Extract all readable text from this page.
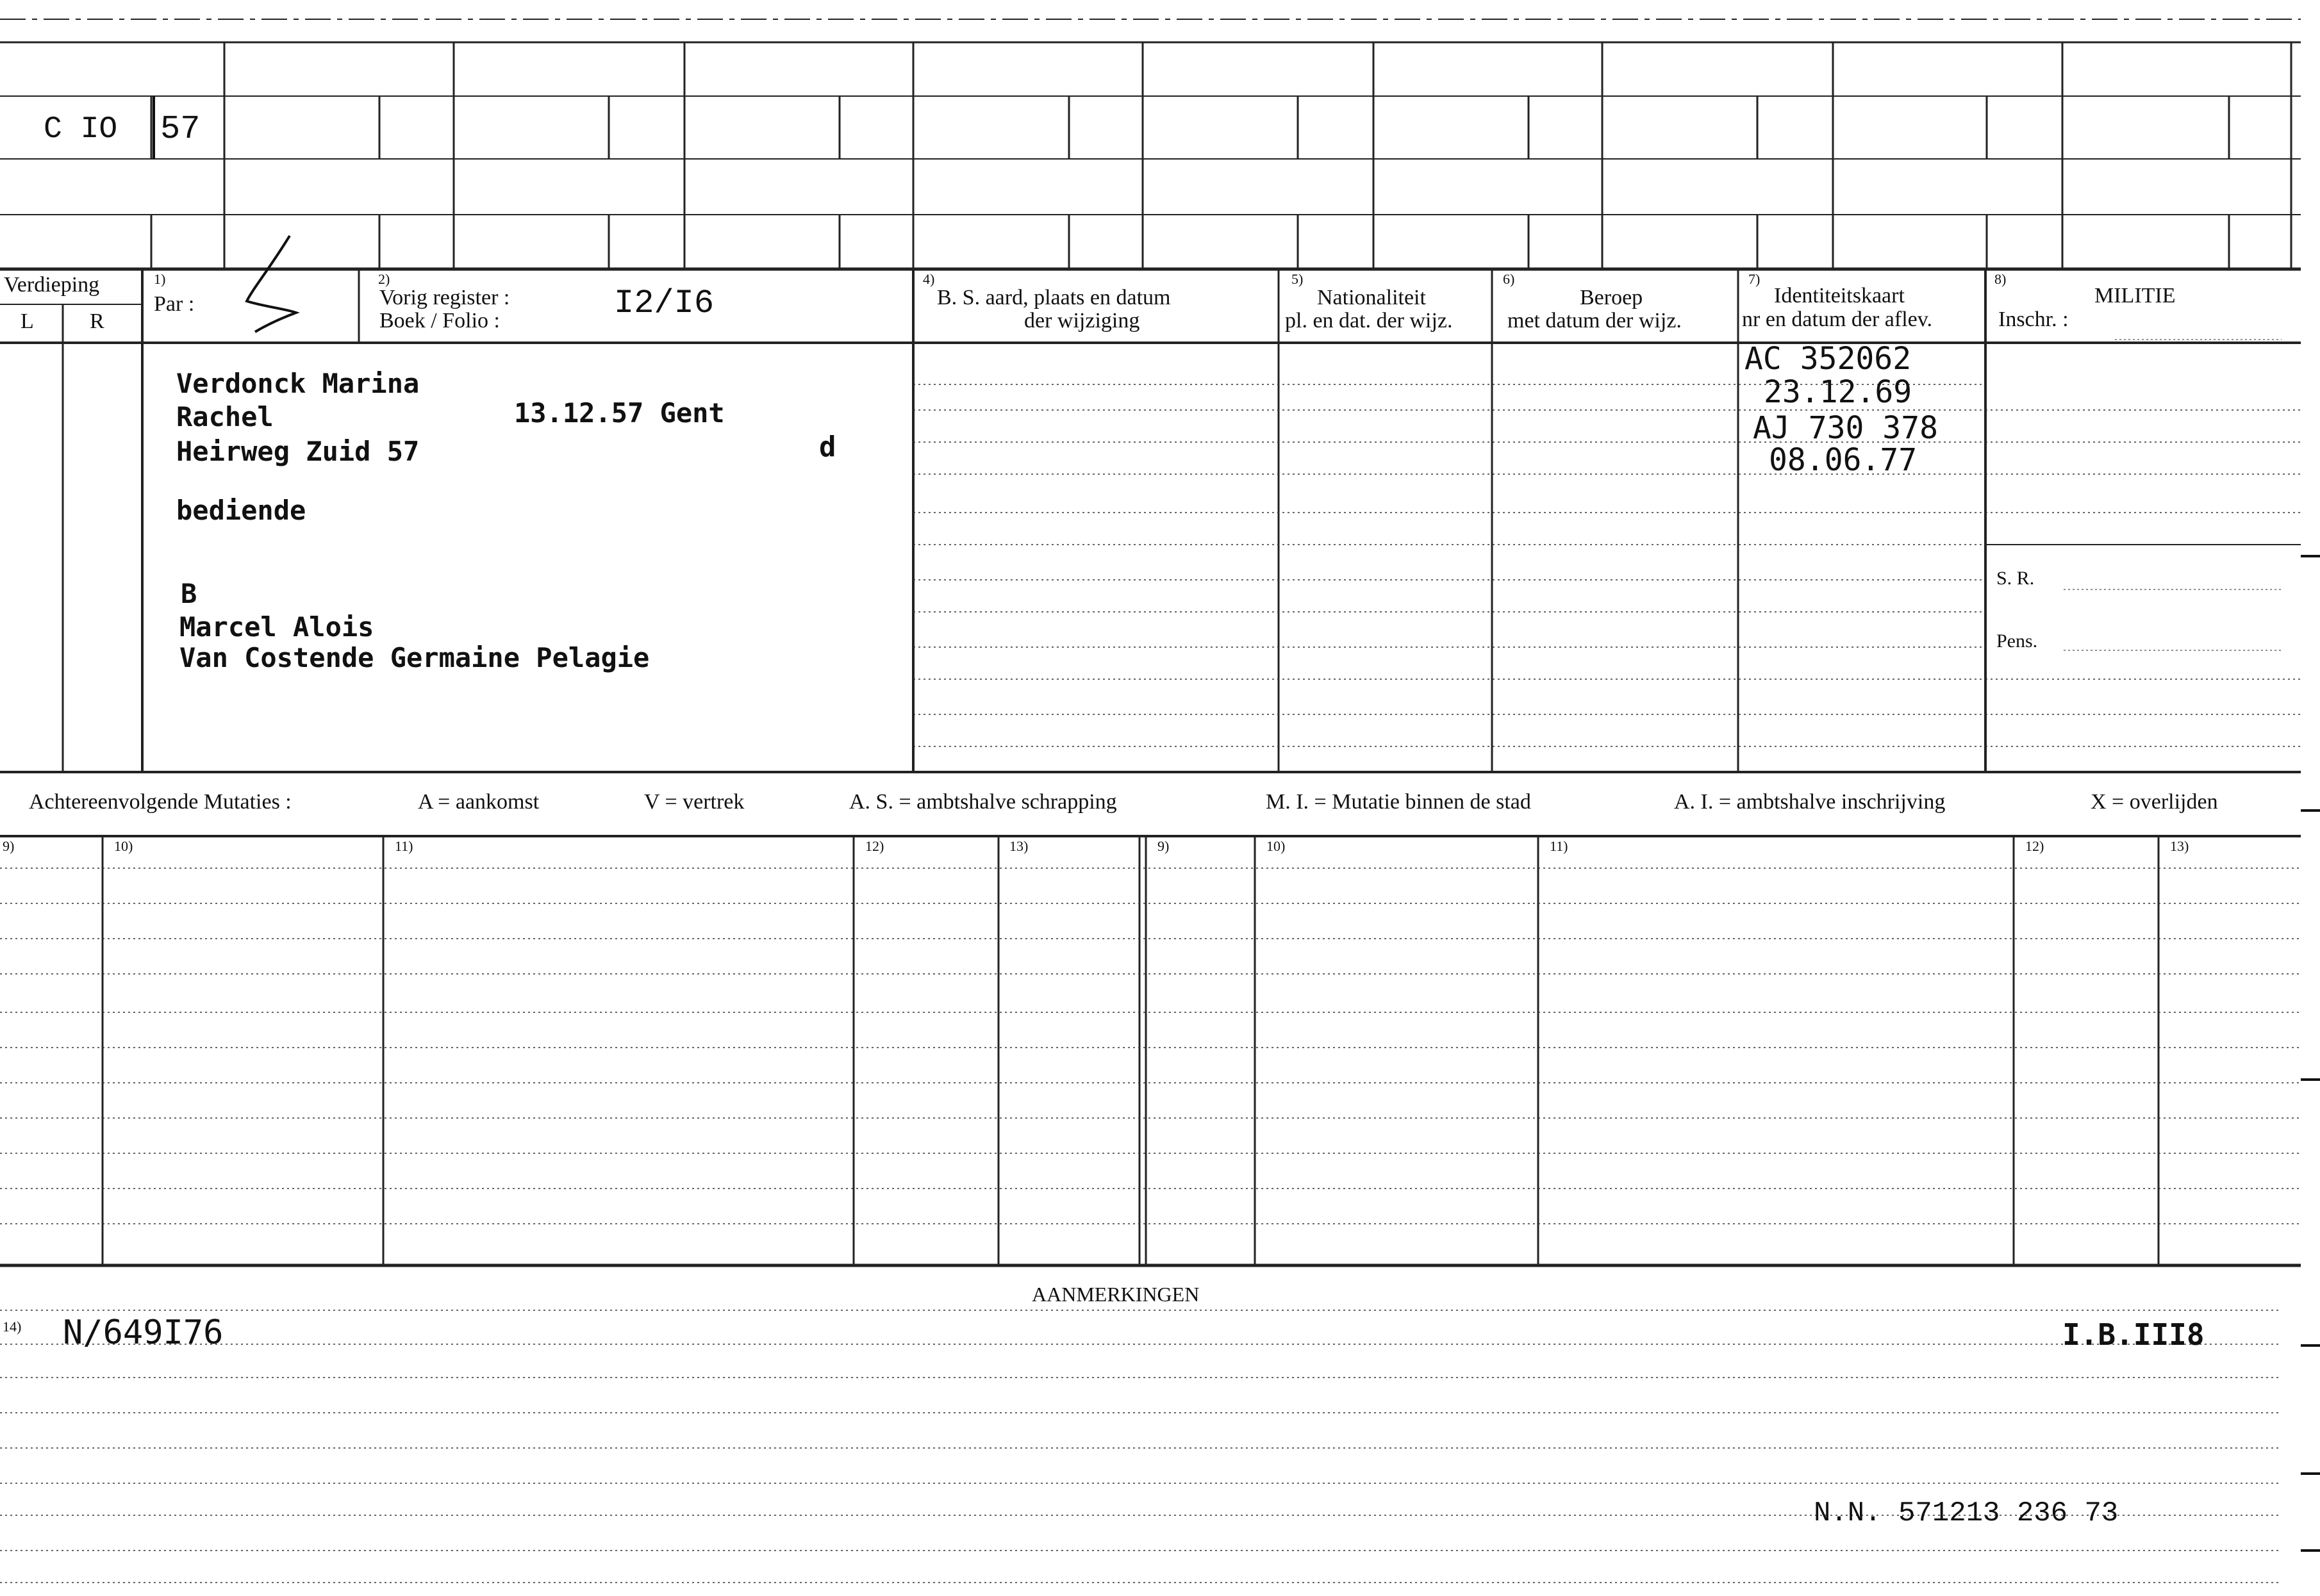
C IO 57
Verdieping
L	R
1)
Par :
2)
Vorig register :
Boek / Folio :	I2/I6
4)
B. S. aard, plaats en datum
der wijziging
5)
Nationaliteit
pl. en dat. der wijz.
6)
Beroep
met datum der wijz.
7)
Identiteitskaart
nr en datum der aflev.
8)
MILITIE
Inschr. :
Verdonck Marina
Rachel	13.12.57 Gent
Heirweg Zuid 57	d
bediende
B
Marcel Alois
Van Costende Germaine Pelagie
AC 352062
23.12.69
AJ 730 378
08.06.77
S. R.
Pens.
Achtereenvolgende Mutaties :	A = aankomst	V = vertrek	A. S. = ambtshalve schrapping	M. I. = Mutatie binnen de stad	A. I. = ambtshalve inschrijving	X = overlijden
9)	10)	11)	12)	13)	9)	10)	11)	12)	13)
AANMERKINGEN
14) N/649I76	I.B.III8
N.N. 571213 236 73
